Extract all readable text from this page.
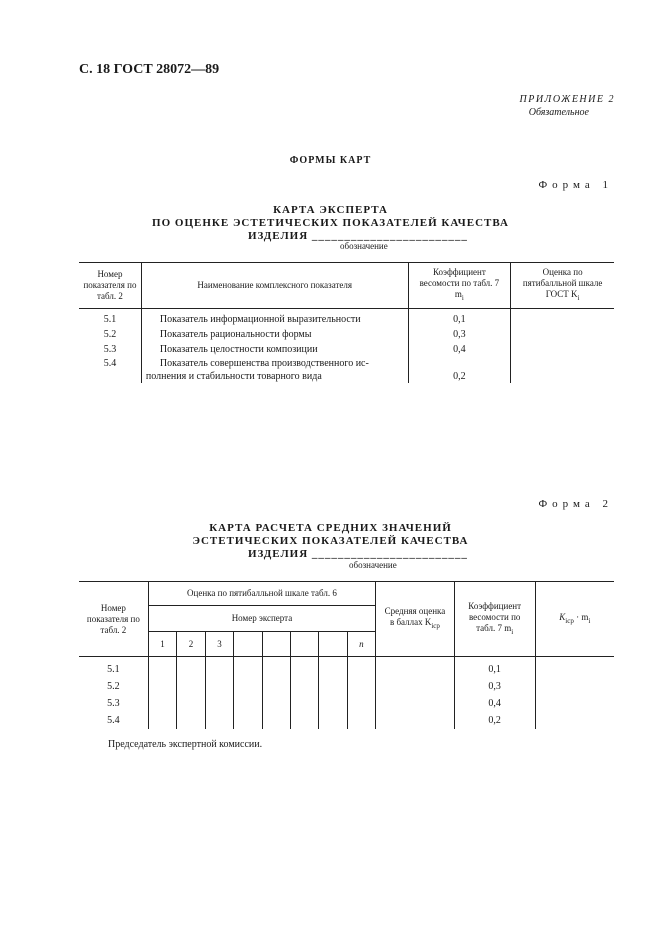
С. 18 ГОСТ 28072—89
ПРИЛОЖЕНИЕ 2
Обязательное
ФОРМЫ КАРТ
Форма 1
КАРТА ЭКСПЕРТА
ПО ОЦЕНКЕ ЭСТЕТИЧЕСКИХ ПОКАЗАТЕЛЕЙ КАЧЕСТВА
ИЗДЕЛИЯ ________________________
обозначение
Номер показателя по табл. 2	Наименование комплексного показателя	Коэффициент весомости по табл. 7 $m_i$	Оценка по пятибалльной шкале ГОСТ $K_i$
5.1	Показатель информационной выразительности	0,1	
5.2	Показатель рациональности формы	0,3	
5.3	Показатель целостности композиции	0,4	
5.4	Показатель совершенства производственного ис-
полнения и стабильности товарного вида	0,2	
Форма 2
КАРТА РАСЧЕТА СРЕДНИХ ЗНАЧЕНИЙ
ЭСТЕТИЧЕСКИХ ПОКАЗАТЕЛЕЙ КАЧЕСТВА
ИЗДЕЛИЯ ________________________
обозначение
Номер показателя по табл. 2	Оценка по пятибалльной шкале табл. 6								Средняя оценка в баллах $K_{iср}$	Коэффициент весомости по табл. 7 $m_i$	$K_{iср} \cdot m_i$
	Номер эксперта										
	1	2	3					n			
5.1										0,1	
5.2										0,3	
5.3										0,4	
5.4										0,2	
Председатель экспертной комиссии.
